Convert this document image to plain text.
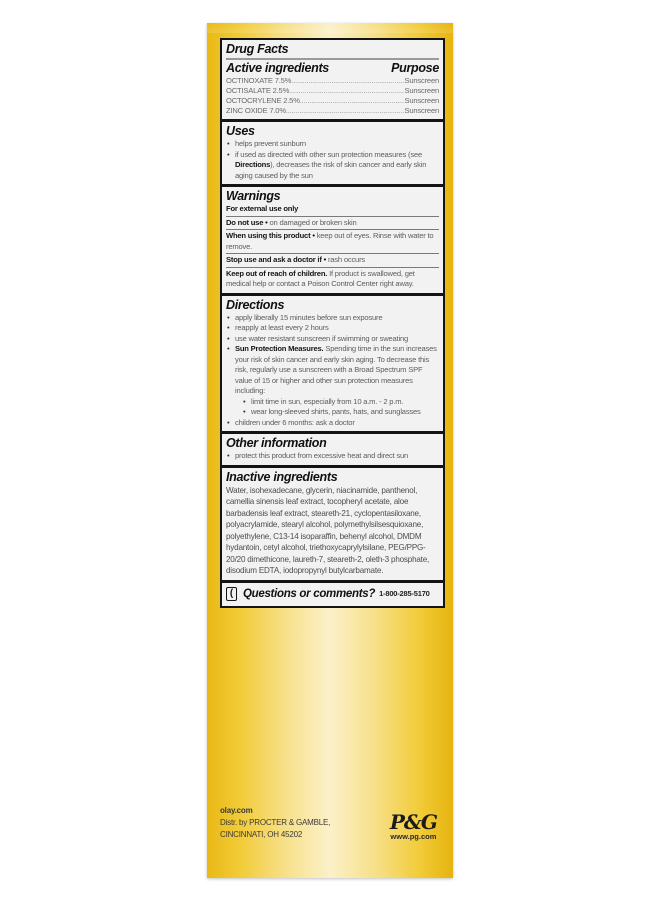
Drug Facts
Active ingredients	Purpose
OCTINOXATE 7.5% .....	Sunscreen
OCTISALATE 2.5% .....	Sunscreen
OCTOCRYLENE 2.5% .....	Sunscreen
ZINC OXIDE 7.0% .....	Sunscreen
Uses
• helps prevent sunburn
• if used as directed with other sun protection measures (see Directions), decreases the risk of skin cancer and early skin aging caused by the sun
Warnings
For external use only
Do not use • on damaged or broken skin
When using this product • keep out of eyes. Rinse with water to remove.
Stop use and ask a doctor if • rash occurs
Keep out of reach of children. If product is swallowed, get medical help or contact a Poison Control Center right away.
Directions
• apply liberally 15 minutes before sun exposure
• reapply at least every 2 hours
• use water resistant sunscreen if swimming or sweating
• Sun Protection Measures. Spending time in the sun increases your risk of skin cancer and early skin aging. To decrease this risk, regularly use a sunscreen with a Broad Spectrum SPF value of 15 or higher and other sun protection measures including:
• limit time in sun, especially from 10 a.m. - 2 p.m.
• wear long-sleeved shirts, pants, hats, and sunglasses
• children under 6 months: ask a doctor
Other information
• protect this product from excessive heat and direct sun
Inactive ingredients
Water, isohexadecane, glycerin, niacinamide, panthenol, camellia sinensis leaf extract, tocopheryl acetate, aloe barbadensis leaf extract, steareth-21, cyclopentasiloxane, polyacrylamide, stearyl alcohol, polymethylsilsesquioxane, polyethylene, C13-14 isoparaffin, behenyl alcohol, DMDM hydantoin, cetyl alcohol, triethoxycaprylylsilane, PEG/PPG-20/20 dimethicone, laureth-7, steareth-2, oleth-3 phosphate, disodium EDTA, iodopropynyl butylcarbamate.
( Questions or comments? 1-800-285-5170
olay.com
Distr. by PROCTER & GAMBLE,
CINCINNATI, OH 45202
P&G
www.pg.com
